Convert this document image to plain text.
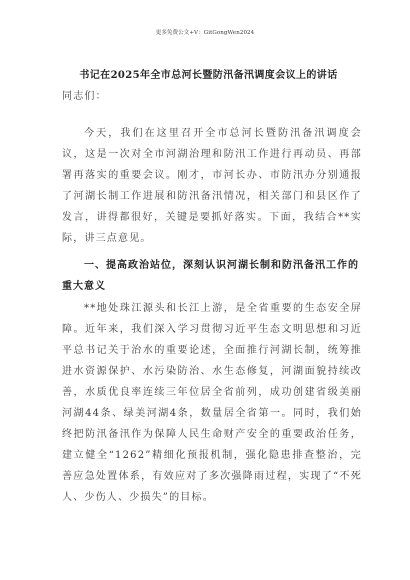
更多免费公文+V：GitGongWen2024
书记在2025年全市总河长暨防汛备汛调度会议上的讲话
同志们：
今天，我们在这里召开全市总河长暨防汛备汛调度会议，这是一次对全市河湖治理和防汛工作进行再动员、再部署再落实的重要会议。刚才，市河长办、市防汛办分别通报了河湖长制工作进展和防汛备汛情况，相关部门和县区作了发言，讲得都很好，关键是要抓好落实。下面，我结合**实际，讲三点意见。
一、提高政治站位，深刻认识河湖长制和防汛备汛工作的重大意义
**地处珠江源头和长江上游，是全省重要的生态安全屏障。近年来，我们深入学习贯彻习近平生态文明思想和习近平总书记关于治水的重要论述，全面推行河湖长制，统筹推进水资源保护、水污染防治、水生态修复，河湖面貌持续改善，水质优良率连续三年位居全省前列，成功创建省级美丽河湖44条、绿美河湖4条，数量居全省第一。同时，我们始终把防汛备汛作为保障人民生命财产安全的重要政治任务，建立健全“1262”精细化预报机制，强化隐患排查整治，完善应急处置体系，有效应对了多次强降雨过程，实现了“不死人、少伤人、少损失”的目标。
